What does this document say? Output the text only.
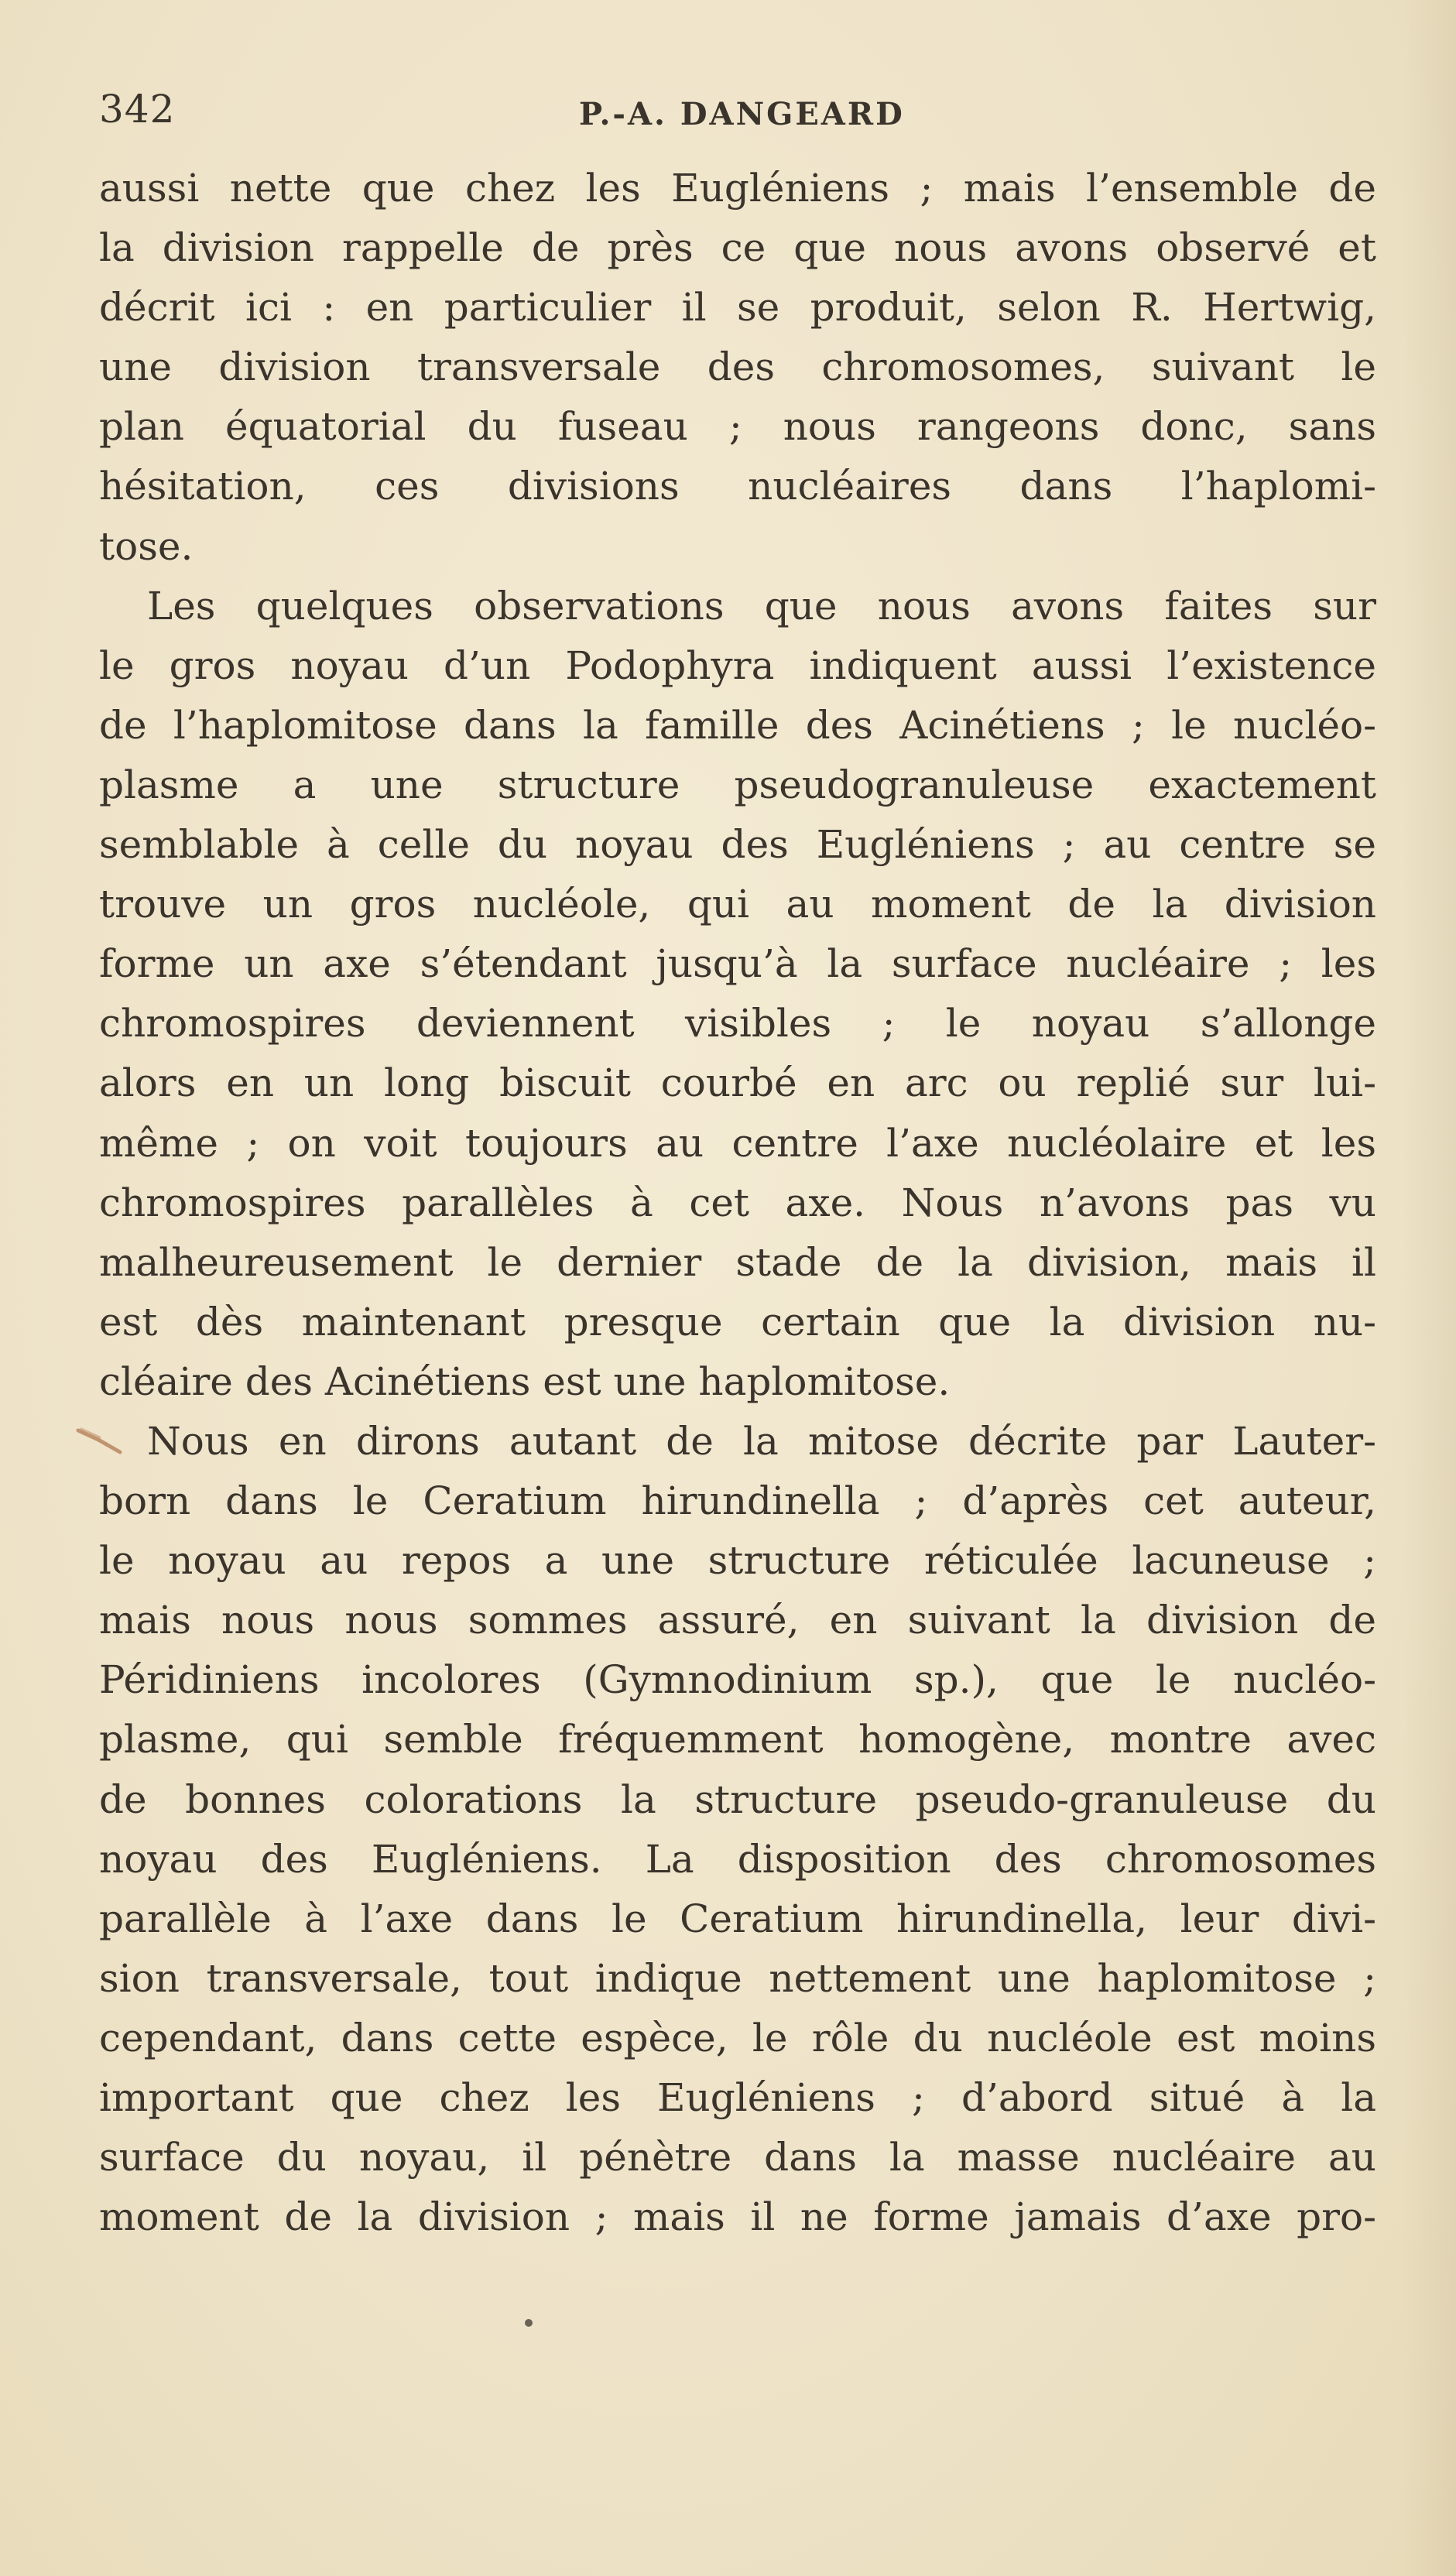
342	P.-A. DANGEARD
aussi nette que chez les Eugléniens ; mais l’ensemble de
la division rappelle de près ce que nous avons observé et
décrit ici : en particulier il se produit, selon R. Hertwig,
une division transversale des chromosomes, suivant le
plan équatorial du fuseau ; nous rangeons donc, sans
hésitation, ces divisions nucléaires dans l’haplomi-
tose.
Les quelques observations que nous avons faites sur
le gros noyau d’un Podophyra indiquent aussi l’existence
de l’haplomitose dans la famille des Acinétiens ; le nucléo-
plasme a une structure pseudogranuleuse exactement
semblable à celle du noyau des Eugléniens ; au centre se
trouve un gros nucléole, qui au moment de la division
forme un axe s’étendant jusqu’à la surface nucléaire ; les
chromospires deviennent visibles ; le noyau s’allonge
alors en un long biscuit courbé en arc ou replié sur lui-
même ; on voit toujours au centre l’axe nucléolaire et les
chromospires parallèles à cet axe. Nous n’avons pas vu
malheureusement le dernier stade de la division, mais il
est dès maintenant presque certain que la division nu-
cléaire des Acinétiens est une haplomitose.
Nous en dirons autant de la mitose décrite par Lauter-
born dans le Ceratium hirundinella ; d’après cet auteur,
le noyau au repos a une structure réticulée lacuneuse ;
mais nous nous sommes assuré, en suivant la division de
Péridiniens incolores (Gymnodinium sp.), que le nucléo-
plasme, qui semble fréquemment homogène, montre avec
de bonnes colorations la structure pseudo-granuleuse du
noyau des Eugléniens. La disposition des chromosomes
parallèle à l’axe dans le Ceratium hirundinella, leur divi-
sion transversale, tout indique nettement une haplomitose ;
cependant, dans cette espèce, le rôle du nucléole est moins
important que chez les Eugléniens ; d’abord situé à la
surface du noyau, il pénètre dans la masse nucléaire au
moment de la division ; mais il ne forme jamais d’axe pro-
